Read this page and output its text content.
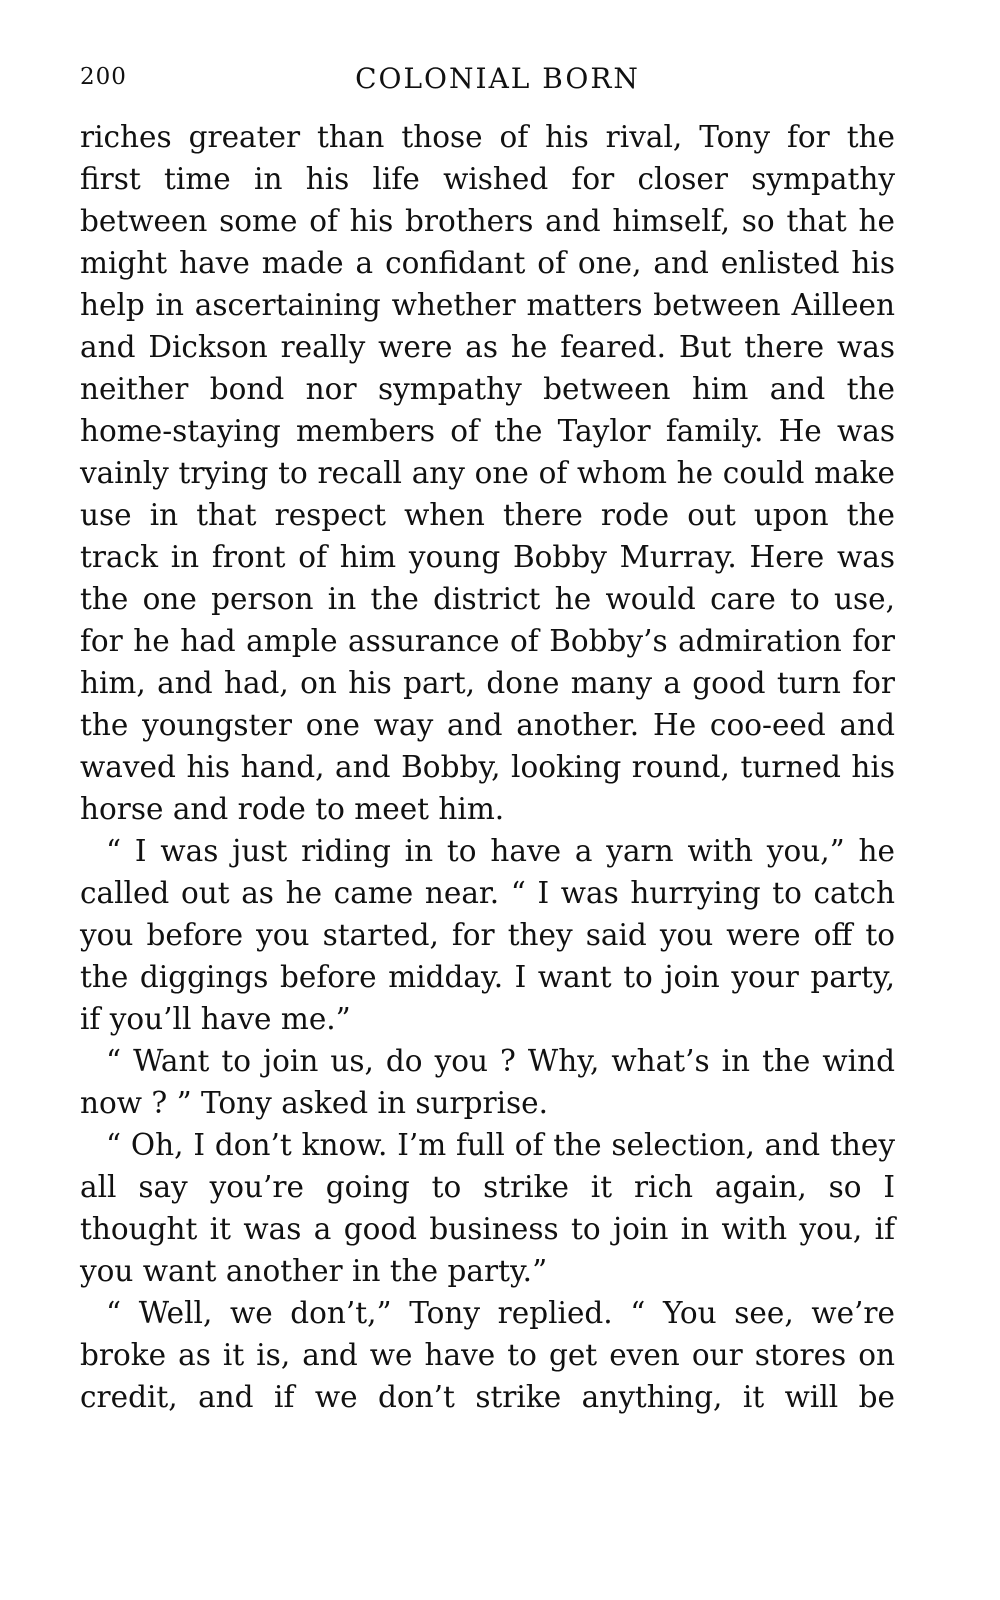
200	COLONIAL BORN

riches greater than those of his rival, Tony for the first time in his life wished for closer sympathy between some of his brothers and himself, so that he might have made a confidant of one, and enlisted his help in ascertaining whether matters between Ailleen and Dickson really were as he feared. But there was neither bond nor sympathy between him and the home-staying members of the Taylor family. He was vainly trying to recall any one of whom he could make use in that respect when there rode out upon the track in front of him young Bobby Murray. Here was the one person in the district he would care to use, for he had ample assurance of Bobby’s admiration for him, and had, on his part, done many a good turn for the youngster one way and another. He coo-eed and waved his hand, and Bobby, looking round, turned his horse and rode to meet him.

“ I was just riding in to have a yarn with you,” he called out as he came near. “ I was hurrying to catch you before you started, for they said you were off to the diggings before midday. I want to join your party, if you’ll have me.”

“ Want to join us, do you ? Why, what’s in the wind now ? ” Tony asked in surprise.

“ Oh, I don’t know. I’m full of the selection, and they all say you’re going to strike it rich again, so I thought it was a good business to join in with you, if you want another in the party.”

“ Well, we don’t,” Tony replied. “ You see, we’re broke as it is, and we have to get even our stores on credit, and if we don’t strike anything, it will be
